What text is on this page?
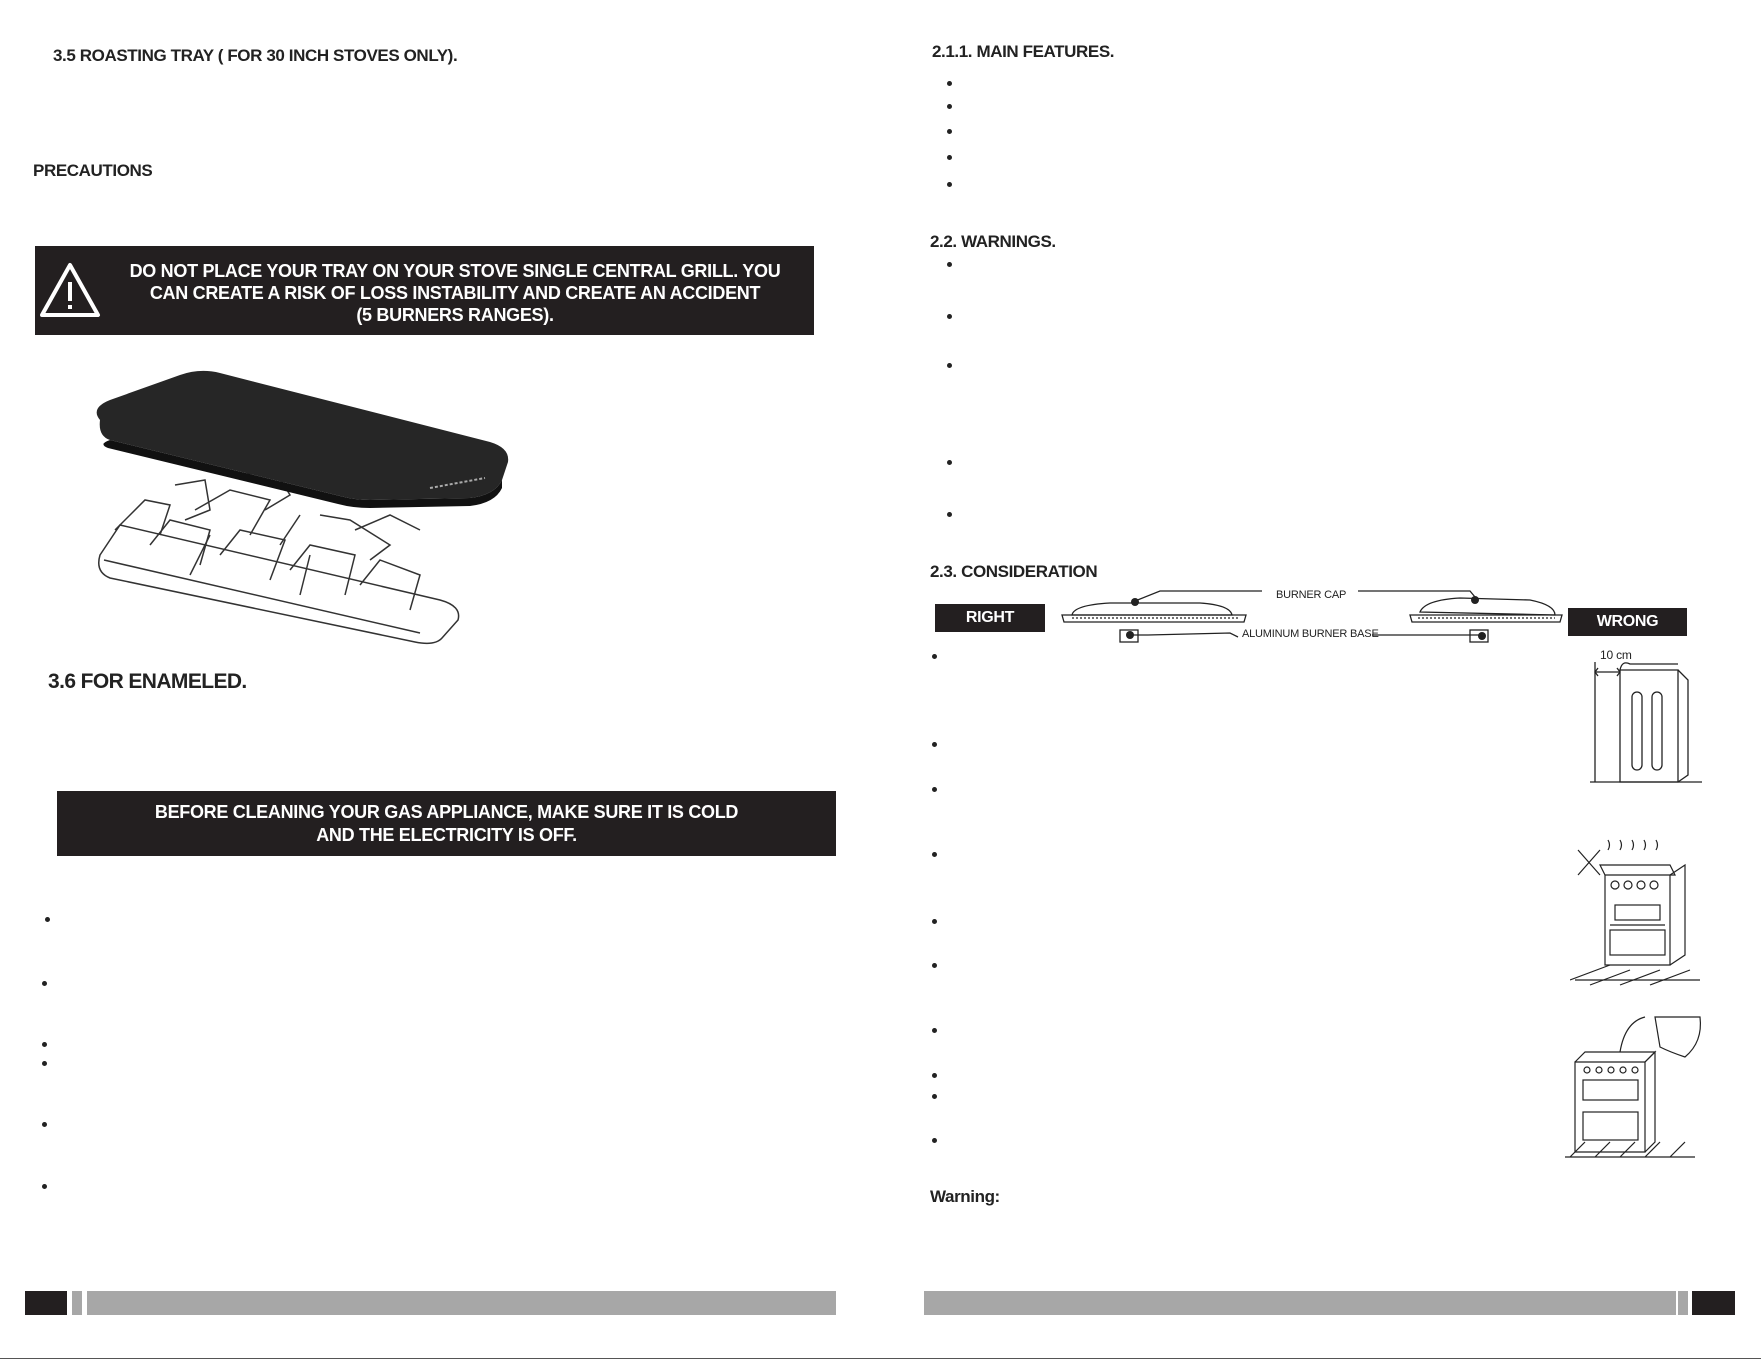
3.5 ROASTING TRAY ( FOR 30 INCH STOVES ONLY).
PRECAUTIONS
DO NOT PLACE YOUR TRAY ON YOUR STOVE SINGLE CENTRAL GRILL. YOU
CAN CREATE A RISK OF LOSS INSTABILITY AND CREATE AN ACCIDENT
(5 BURNERS RANGES).
3.6 FOR ENAMELED.
BEFORE CLEANING YOUR GAS APPLIANCE, MAKE SURE IT IS COLD
AND THE ELECTRICITY IS OFF.
2.1.1. MAIN FEATURES.
2.2. WARNINGS.
2.3. CONSIDERATION
RIGHT	WRONG
BURNER CAP
ALUMINUM BURNER BASE
10 cm
Warning:
